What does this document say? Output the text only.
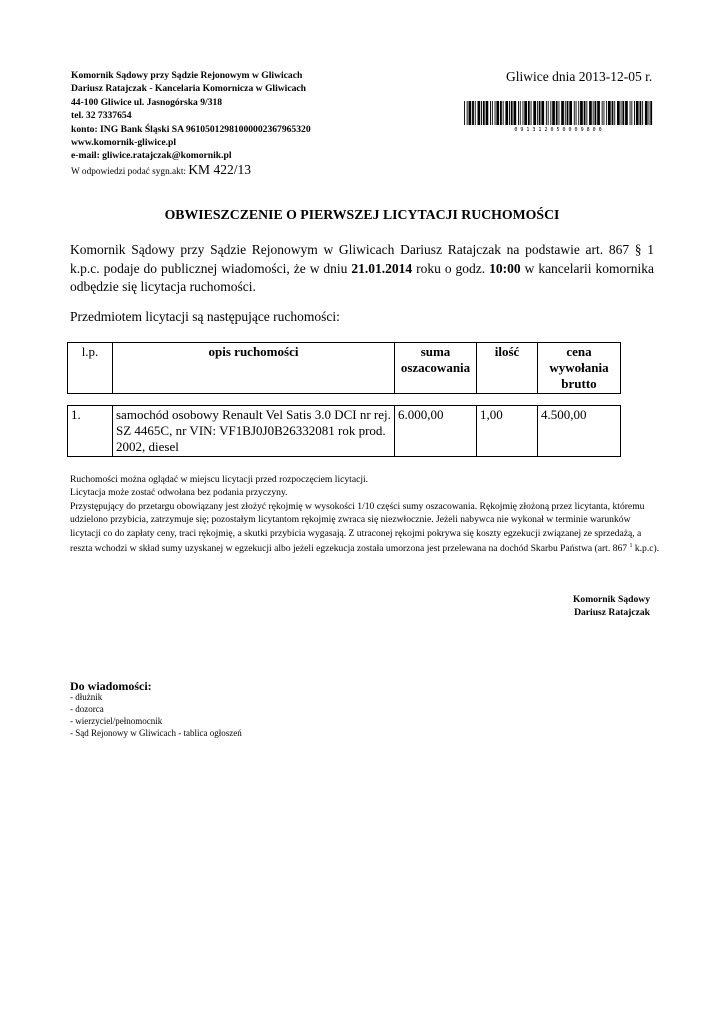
Komornik Sądowy przy Sądzie Rejonowym w Gliwicach
Dariusz Ratajczak - Kancelaria Komornicza w Gliwicach
44-100 Gliwice ul. Jasnogórska 9/318
tel. 32 7337654
konto: ING Bank Śląski SA 96105012981000002367965320
www.komornik-gliwice.pl
e-mail: gliwice.ratajczak@komornik.pl
W odpowiedzi podać sygn.akt: KM 422/13
Gliwice dnia 2013-12-05 r.
0 9 1 3 1 2 0 5 0 0 0 9 8 0 0
OBWIESZCZENIE O PIERWSZEJ LICYTACJI RUCHOMOŚCI
Komornik Sądowy przy Sądzie Rejonowym w Gliwicach Dariusz Ratajczak na podstawie art. 867 § 1 k.p.c. podaje do publicznej wiadomości, że w dniu 21.01.2014 roku o godz. 10:00 w kancelarii komornika odbędzie się licytacja ruchomości.
Przedmiotem licytacji są następujące ruchomości:
l.p.	opis ruchomości	suma oszacowania	ilość	cena wywołania brutto
1.	samochód osobowy Renault Vel Satis 3.0 DCI nr rej. SZ 4465C, nr VIN: VF1BJ0J0B26332081 rok prod. 2002, diesel	6.000,00	1,00	4.500,00
Ruchomości można oglądać w miejscu licytacji przed rozpoczęciem licytacji.
Licytacja może zostać odwołana bez podania przyczyny.
Przystępujący do przetargu obowiązany jest złożyć rękojmię w wysokości 1/10 części sumy oszacowania. Rękojmię złożoną przez licytanta, któremu udzielono przybicia, zatrzymuje się; pozostałym licytantom rękojmię zwraca się niezwłocznie. Jeżeli nabywca nie wykonał w terminie warunków licytacji co do zapłaty ceny, traci rękojmię, a skutki przybicia wygasają. Z utraconej rękojmi pokrywa się koszty egzekucji związanej ze sprzedażą, a reszta wchodzi w skład sumy uzyskanej w egzekucji albo jeżeli egzekucja została umorzona jest przelewana na dochód Skarbu Państwa (art. 867 $^1$ k.p.c).
Komornik Sądowy
Dariusz Ratajczak
Do wiadomości:
- dłużnik
- dozorca
- wierzyciel/pełnomocnik
- Sąd Rejonowy w Gliwicach - tablica ogłoszeń
